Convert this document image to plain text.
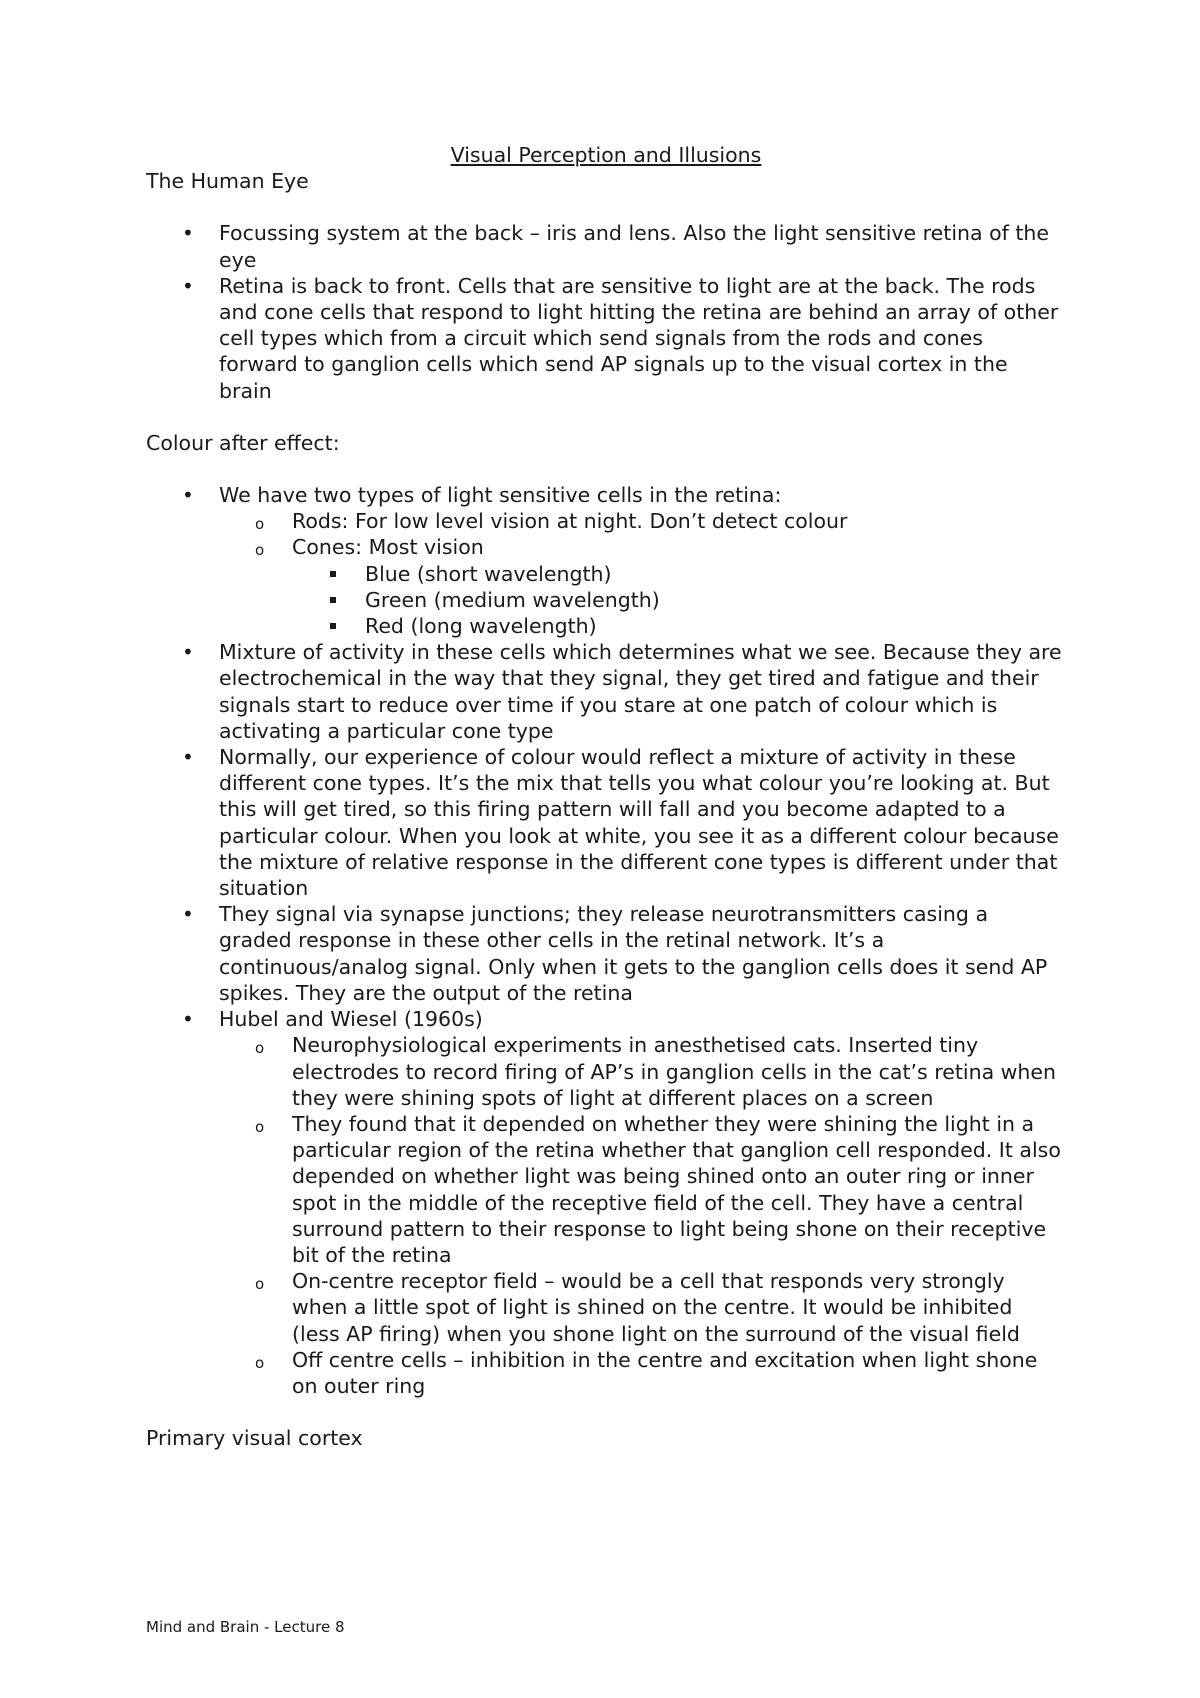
Visual Perception and Illusions
The Human Eye
• Focussing system at the back – iris and lens. Also the light sensitive retina of the eye
• Retina is back to front. Cells that are sensitive to light are at the back. The rods and cone cells that respond to light hitting the retina are behind an array of other cell types which from a circuit which send signals from the rods and cones forward to ganglion cells which send AP signals up to the visual cortex in the brain
Colour after effect:
• We have two types of light sensitive cells in the retina:
o Rods: For low level vision at night. Don’t detect colour
o Cones: Most vision
Blue (short wavelength)
Green (medium wavelength)
Red (long wavelength)
• Mixture of activity in these cells which determines what we see. Because they are electrochemical in the way that they signal, they get tired and fatigue and their signals start to reduce over time if you stare at one patch of colour which is activating a particular cone type
• Normally, our experience of colour would reflect a mixture of activity in these different cone types. It’s the mix that tells you what colour you’re looking at. But this will get tired, so this firing pattern will fall and you become adapted to a particular colour. When you look at white, you see it as a different colour because the mixture of relative response in the different cone types is different under that situation
• They signal via synapse junctions; they release neurotransmitters casing a graded response in these other cells in the retinal network. It’s a continuous/analog signal. Only when it gets to the ganglion cells does it send AP spikes. They are the output of the retina
• Hubel and Wiesel (1960s)
o Neurophysiological experiments in anesthetised cats. Inserted tiny electrodes to record firing of AP’s in ganglion cells in the cat’s retina when they were shining spots of light at different places on a screen
o They found that it depended on whether they were shining the light in a particular region of the retina whether that ganglion cell responded. It also depended on whether light was being shined onto an outer ring or inner spot in the middle of the receptive field of the cell. They have a central surround pattern to their response to light being shone on their receptive bit of the retina
o On-centre receptor field – would be a cell that responds very strongly when a little spot of light is shined on the centre. It would be inhibited (less AP firing) when you shone light on the surround of the visual field
o Off centre cells – inhibition in the centre and excitation when light shone on outer ring
Primary visual cortex
Mind and Brain - Lecture 8
